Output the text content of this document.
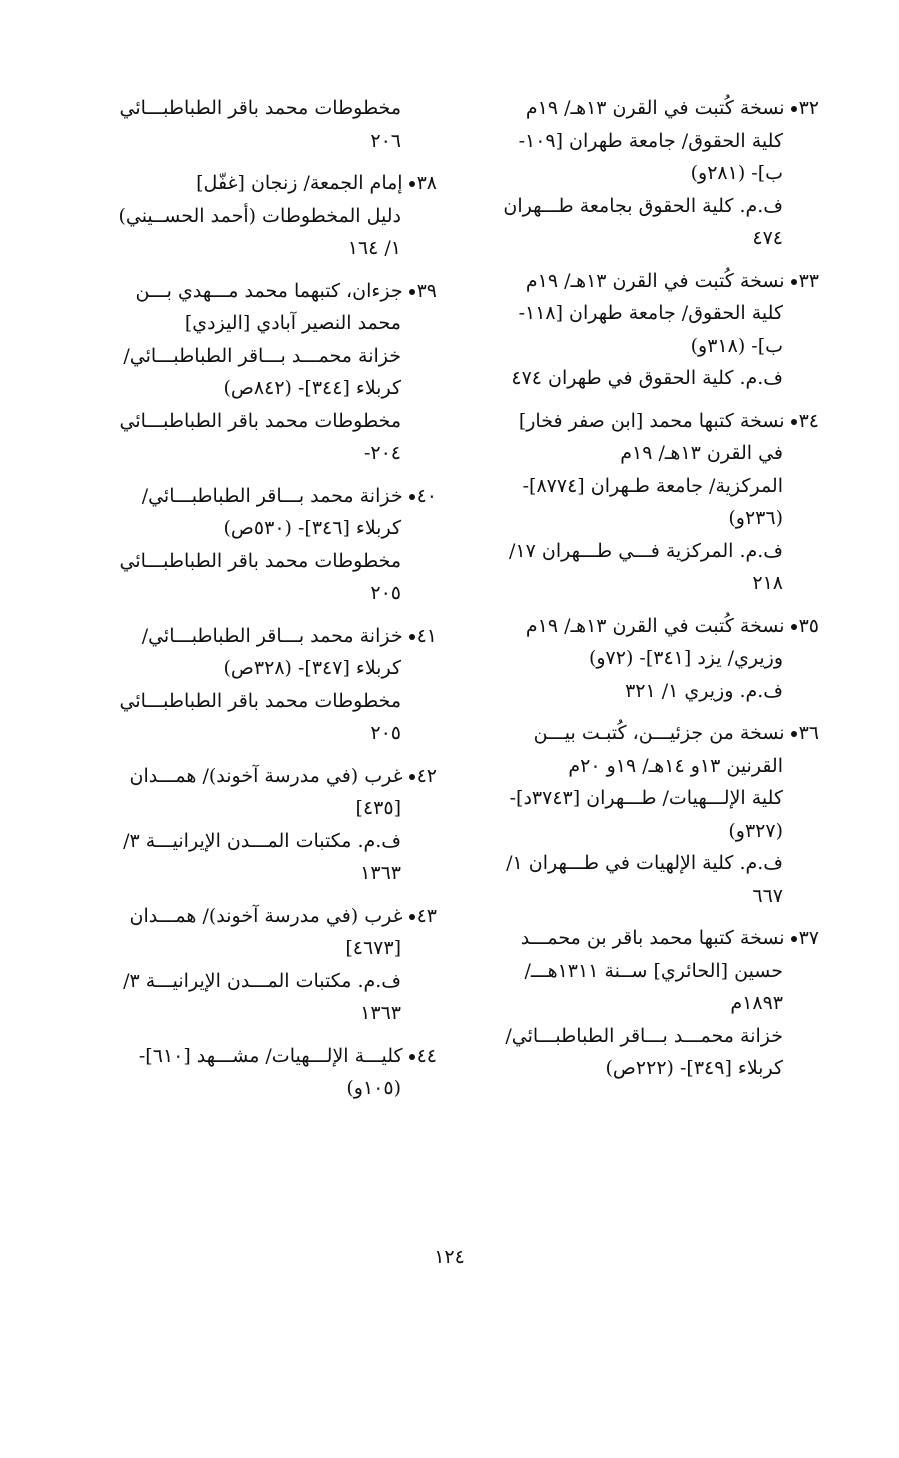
٣٢نسخة كُتبت في القرن ١٣هـ/ ١٩م
كلية الحقوق/ جامعة طهران [١٠٩-
ب]- (٢٨١و)
ف.م. كلية الحقوق بجامعة طـــهران
٤٧٤
٣٣نسخة كُتبت في القرن ١٣هـ/ ١٩م
كلية الحقوق/ جامعة طهران [١١٨-
ب]- (٣١٨و)
ف.م. كلية الحقوق في طهران ٤٧٤
٣٤نسخة كتبها محمد [ابن صفر فخار]
في القرن ١٣هـ/ ١٩م
المركزية/ جامعة طـهران [٨٧٧٤]-
(٢٣٦و)
ف.م. المركزية فـــي طـــهران ١٧/
٢١٨
٣٥نسخة كُتبت في القرن ١٣هـ/ ١٩م
وزيري/ يزد [٣٤١]- (٧٢و)
ف.م. وزيري ١/ ٣٢١
٣٦نسخة من جزئيـــن، كُتبـت بيـــن
القرنين ١٣و ١٤هـ/ ١٩و ٢٠م
كلية الإلـــهيات/ طـــهران [٣٧٤٣د]-
(٣٢٧و)
ف.م. كلية الإلهيات في طـــهران ١/
٦٦٧
٣٧نسخة كتبها محمد باقر بن محمـــد
حسين [الحائري] ســنة ١٣١١هـــ/
١٨٩٣م
خزانة محمـــد بـــاقر الطباطبـــائي/
كربلاء [٣٤٩]- (٢٢٢ص)
مخطوطات محمد باقر الطباطبـــائي
٢٠٦
٣٨إمام الجمعة/ زنجان [غفّل]
دليل المخطوطات (أحمد الحســيني)
١/ ١٦٤
٣٩جزءان، كتبهما محمد مـــهدي بـــن
محمد النصير آبادي [اليزدي]
خزانة محمـــد بـــاقر الطباطبـــائي/
كربلاء [٣٤٤]- (٨٤٢ص)
مخطوطات محمد باقر الطباطبـــائي
٢٠٤-
٤٠خزانة محمد بـــاقر الطباطبـــائي/
كربلاء [٣٤٦]- (٥٣٠ص)
مخطوطات محمد باقر الطباطبـــائي
٢٠٥
٤١خزانة محمد بـــاقر الطباطبـــائي/
كربلاء [٣٤٧]- (٣٢٨ص)
مخطوطات محمد باقر الطباطبـــائي
٢٠٥
٤٢غرب (في مدرسة آخوند)/ همـــدان
[٤٣٥]
ف.م. مكتبات المـــدن الإيرانيـــة ٣/
١٣٦٣
٤٣غرب (في مدرسة آخوند)/ همـــدان
[٤٦٧٣]
ف.م. مكتبات المـــدن الإيرانيـــة ٣/
١٣٦٣
٤٤كليـــة الإلـــهيات/ مشـــهد [٦١٠]-
(١٠٥و)
١٢٤
